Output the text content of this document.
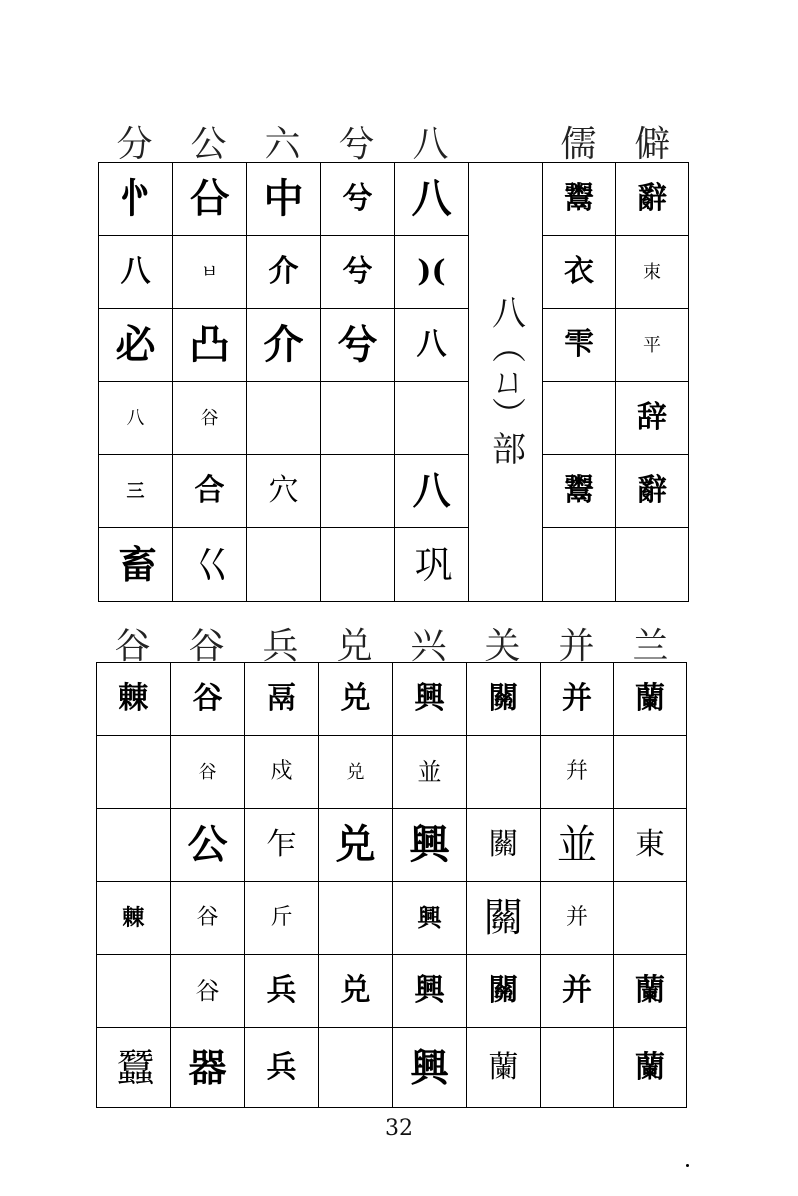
分	公	六	兮	八	儒	僻
㣺	㕣	中	兮	八	八︵ㄩ︶部	鬻	辭
八	ㅂ	介	兮	)(		衣	朿
必	凸	介	兮	八		雫	平
八	谷						辞
三	合	穴		八		鬻	辭
畜	巜			巩			
谷	谷	兵	兑	兴	关	并	兰
㯥	谷	鬲	兑	興	關	并	蘭
	谷	戍	兑	並		幷	
	公	乍	兑	興	關	並	東
㯥	谷	斤		興	關	并	
	谷	兵	兑	興	關	并	蘭
蠶	器	兵		興	蘭		蘭
32
